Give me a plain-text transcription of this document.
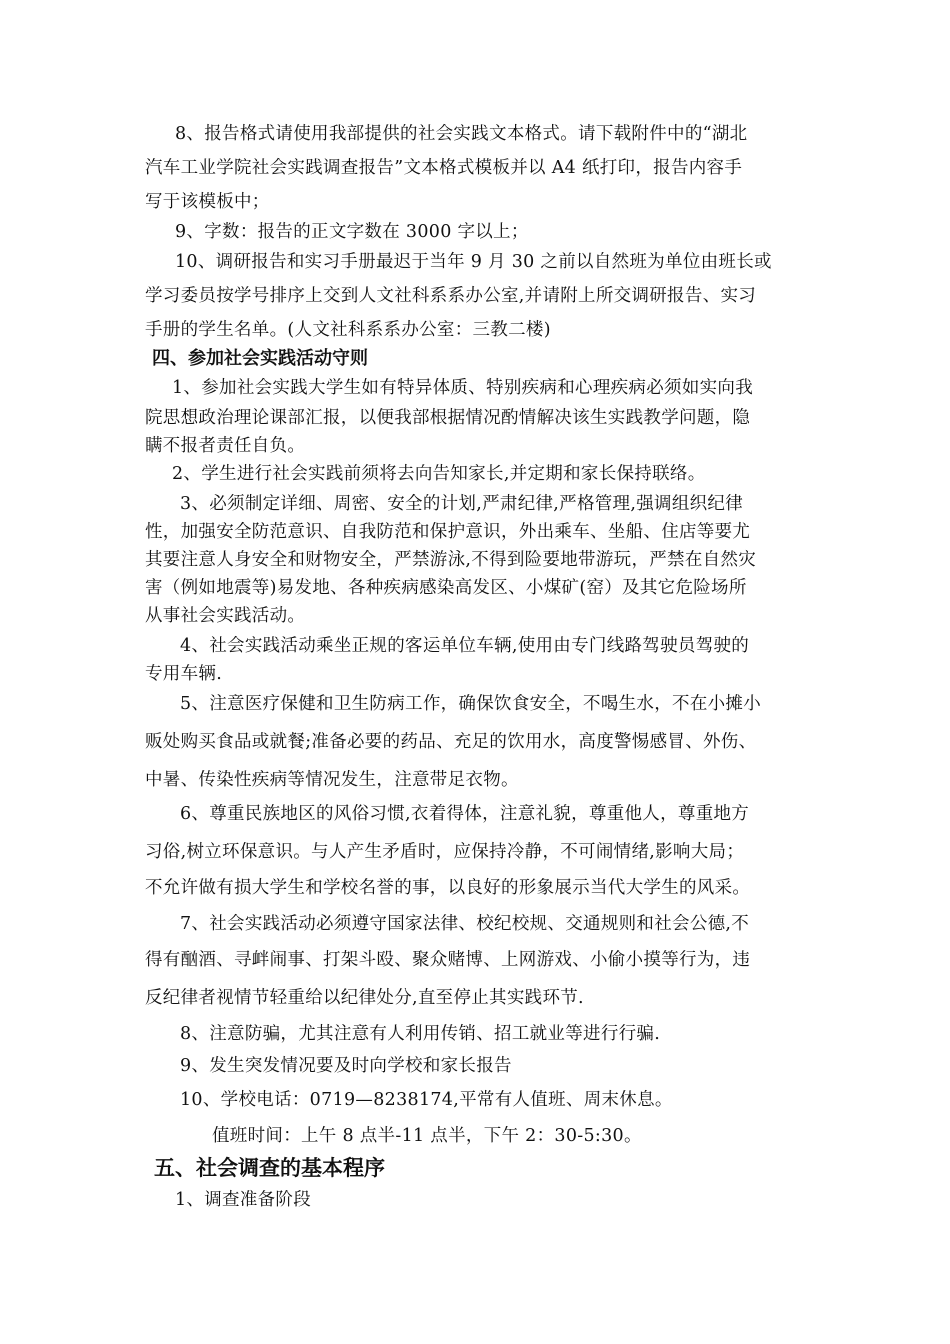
8、报告格式请使用我部提供的社会实践文本格式。请下载附件中的“湖北
汽车工业学院社会实践调查报告”文本格式模板并以 A4 纸打印，报告内容手
写于该模板中；
9、字数：报告的正文字数在 3000 字以上；
10、调研报告和实习手册最迟于当年 9 月 30 之前以自然班为单位由班长或
学习委员按学号排序上交到人文社科系系办公室,并请附上所交调研报告、实习
手册的学生名单。(人文社科系系办公室：三教二楼)
四、参加社会实践活动守则
1、参加社会实践大学生如有特异体质、特别疾病和心理疾病必须如实向我
院思想政治理论课部汇报，以便我部根据情况酌情解决该生实践教学问题，隐
瞒不报者责任自负。
2、学生进行社会实践前须将去向告知家长,并定期和家长保持联络。
3、必须制定详细、周密、安全的计划,严肃纪律,严格管理,强调组织纪律
性，加强安全防范意识、自我防范和保护意识，外出乘车、坐船、住店等要尤
其要注意人身安全和财物安全，严禁游泳,不得到险要地带游玩，严禁在自然灾
害（例如地震等)易发地、各种疾病感染高发区、小煤矿(窑）及其它危险场所
从事社会实践活动。
4、社会实践活动乘坐正规的客运单位车辆,使用由专门线路驾驶员驾驶的
专用车辆.
5、注意医疗保健和卫生防病工作，确保饮食安全，不喝生水，不在小摊小
贩处购买食品或就餐;准备必要的药品、充足的饮用水，高度警惕感冒、外伤、
中暑、传染性疾病等情况发生，注意带足衣物。
6、尊重民族地区的风俗习惯,衣着得体，注意礼貌，尊重他人，尊重地方
习俗,树立环保意识。与人产生矛盾时，应保持冷静，不可闹情绪,影响大局；
不允许做有损大学生和学校名誉的事，以良好的形象展示当代大学生的风采。
7、社会实践活动必须遵守国家法律、校纪校规、交通规则和社会公德,不
得有酗酒、寻衅闹事、打架斗殴、聚众赌博、上网游戏、小偷小摸等行为，违
反纪律者视情节轻重给以纪律处分,直至停止其实践环节.
8、注意防骗，尤其注意有人利用传销、招工就业等进行行骗.
9、发生突发情况要及时向学校和家长报告
10、学校电话：0719—8238174,平常有人值班、周末休息。
值班时间：上午 8 点半-11 点半，下午 2：30-5:30。
五、社会调查的基本程序
1、调查准备阶段
